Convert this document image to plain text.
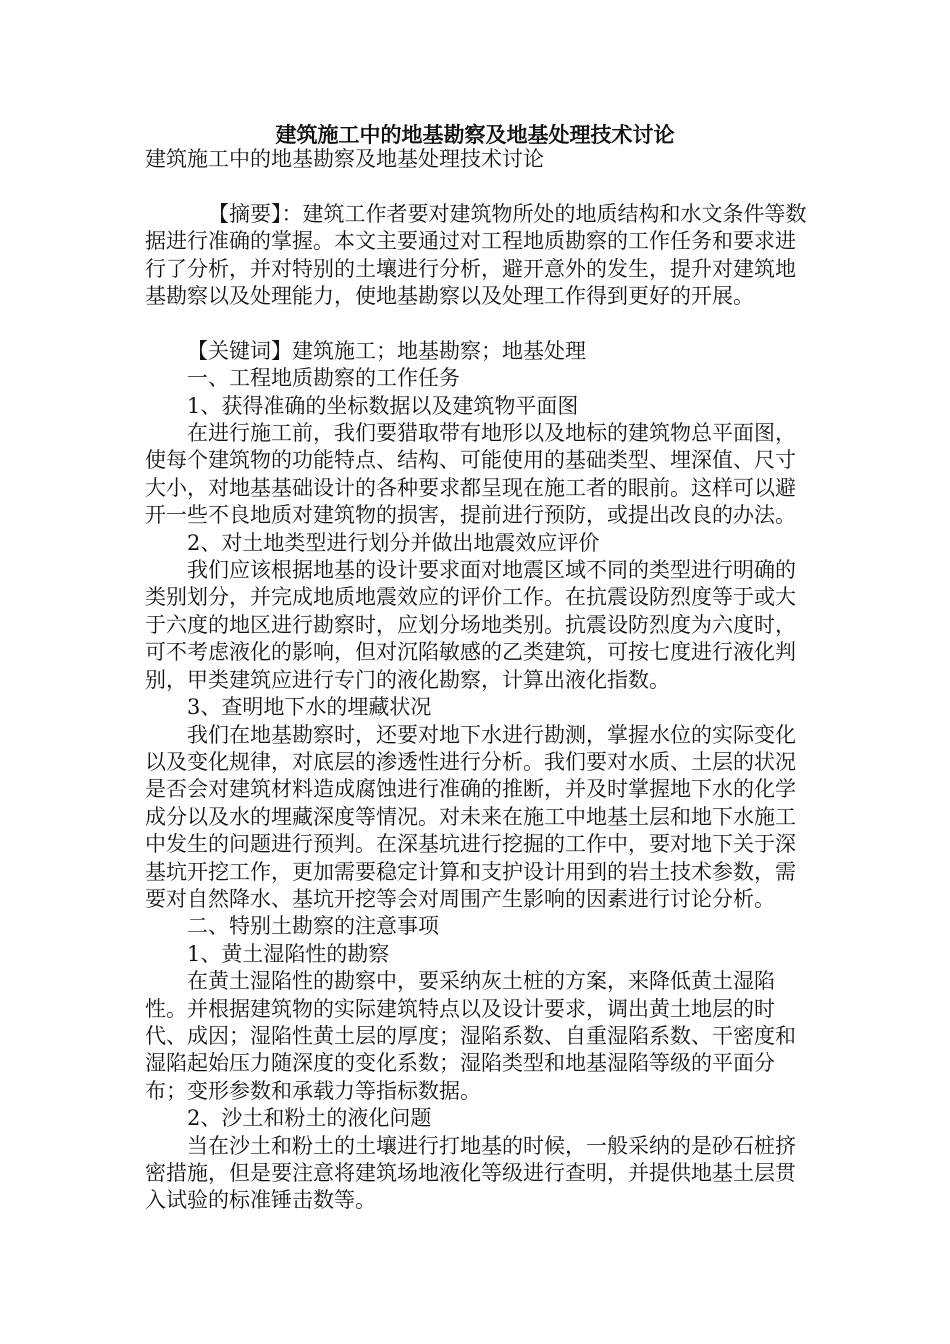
建筑施工中的地基勘察及地基处理技术讨论

建筑施工中的地基勘察及地基处理技术讨论

【摘要】：建筑工作者要对建筑物所处的地质结构和水文条件等数据进行准确的掌握。本文主要通过对工程地质勘察的工作任务和要求进行了分析，并对特别的土壤进行分析，避开意外的发生，提升对建筑地基勘察以及处理能力，使地基勘察以及处理工作得到更好的开展。

【关键词】建筑施工；地基勘察；地基处理

一、工程地质勘察的工作任务

1、获得准确的坐标数据以及建筑物平面图

在进行施工前，我们要猎取带有地形以及地标的建筑物总平面图，使每个建筑物的功能特点、结构、可能使用的基础类型、埋深值、尺寸大小，对地基基础设计的各种要求都呈现在施工者的眼前。这样可以避开一些不良地质对建筑物的损害，提前进行预防，或提出改良的办法。

2、对土地类型进行划分并做出地震效应评价

我们应该根据地基的设计要求面对地震区域不同的类型进行明确的类别划分，并完成地质地震效应的评价工作。在抗震设防烈度等于或大于六度的地区进行勘察时，应划分场地类别。抗震设防烈度为六度时，可不考虑液化的影响，但对沉陷敏感的乙类建筑，可按七度进行液化判别，甲类建筑应进行专门的液化勘察，计算出液化指数。

3、查明地下水的埋藏状况

我们在地基勘察时，还要对地下水进行勘测，掌握水位的实际变化以及变化规律，对底层的渗透性进行分析。我们要对水质、土层的状况是否会对建筑材料造成腐蚀进行准确的推断，并及时掌握地下水的化学成分以及水的埋藏深度等情况。对未来在施工中地基土层和地下水施工中发生的问题进行预判。在深基坑进行挖掘的工作中，要对地下关于深基坑开挖工作，更加需要稳定计算和支护设计用到的岩土技术参数，需要对自然降水、基坑开挖等会对周围产生影响的因素进行讨论分析。

二、特别土勘察的注意事项

1、黄土湿陷性的勘察

在黄土湿陷性的勘察中，要采纳灰土桩的方案，来降低黄土湿陷性。并根据建筑物的实际建筑特点以及设计要求，调出黄土地层的时代、成因；湿陷性黄土层的厚度；湿陷系数、自重湿陷系数、干密度和湿陷起始压力随深度的变化系数；湿陷类型和地基湿陷等级的平面分布；变形参数和承载力等指标数据。

2、沙土和粉土的液化问题

当在沙土和粉土的土壤进行打地基的时候，一般采纳的是砂石桩挤密措施，但是要注意将建筑场地液化等级进行查明，并提供地基土层贯入试验的标准锤击数等。
